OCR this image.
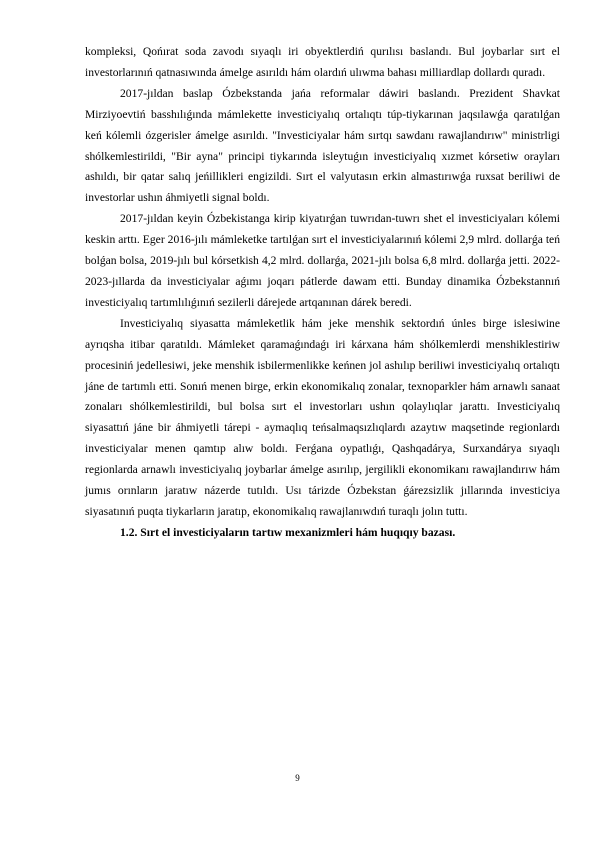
kompleksi, Qońırat soda zavodı sıyaqlı iri obyektlerdiń qurılısı baslandı. Bul joybarlar sırt el investorlarınıń qatnasıwında ámelge asırıldı hám olardıń ulıwma bahası milliardlap dollardı quradı.

2017-jıldan baslap Ózbekstanda jańa reformalar dáwiri baslandı. Prezident Shavkat Mirziyoevtiń basshılıǵında mámlekette investiciyalıq ortalıqtı túp-tiykarınan jaqsılawǵa qaratılǵan keń kólemli ózgerisler ámelge asırıldı. "Investiciyalar hám sırtqı sawdanı rawajlandırıw" ministrligi shólkemlestirildi, "Bir ayna" principi tiykarında isleytuǵın investiciyalıq xızmet kórsetiw orayları ashıldı, bir qatar salıq jeńillikleri engizildi. Sırt el valyutasın erkin almastırıwǵa ruxsat beriliwi de investorlar ushın áhmiyetli signal boldı.

2017-jıldan keyin Ózbekistanga kirip kiyatırǵan tuwrıdan-tuwrı shet el investiciyaları kólemi keskin arttı. Eger 2016-jılı mámleketke tartılǵan sırt el investiciyalarınıń kólemi 2,9 mlrd. dollarǵa teń bolǵan bolsa, 2019-jılı bul kórsetkish 4,2 mlrd. dollarǵa, 2021-jılı bolsa 6,8 mlrd. dollarǵa jetti. 2022-2023-jıllarda da investiciyalar aǵımı joqarı pátlerde dawam etti. Bunday dinamika Ózbekstannıń investiciyalıq tartımlılıǵınıń sezilerli dárejede artqanınan dárek beredi.

Investiciyalıq siyasatta mámleketlik hám jeke menshik sektordıń únles birge islesiwine ayrıqsha itibar qaratıldı. Mámleket qaramaǵındaǵı iri kárxana hám shólkemlerdi menshiklestiriw procesiniń jedellesiwi, jeke menshik isbilermenlikke keńnen jol ashılıp beriliwi investiciyalıq ortalıqtı jáne de tartımlı etti. Sonıń menen birge, erkin ekonomikalıq zonalar, texnoparkler hám arnawlı sanaat zonaları shólkemlestirildi, bul bolsa sırt el investorları ushın qolaylıqlar jarattı. Investiciyalıq siyasattıń jáne bir áhmiyetli tárepi - aymaqlıq teńsalmaqsızlıqlardı azaytıw maqsetinde regionlardı investiciyalar menen qamtıp alıw boldı. Ferǵana oypatlıǵı, Qashqadárya, Surxandárya sıyaqlı regionlarda arnawlı investiciyalıq joybarlar ámelge asırılıp, jergilikli ekonomikanı rawajlandırıw hám jumıs orınların jaratıw názerde tutıldı. Usı tárizde Ózbekstan ǵárezsizlik jıllarında investiciya siyasatınıń puqta tiykarların jaratıp, ekonomikalıq rawajlanıwdıń turaqlı jolın tuttı.

1.2. Sırt el investiciyaların tartıw mexanizmleri hám huqıqıy bazası.
9
